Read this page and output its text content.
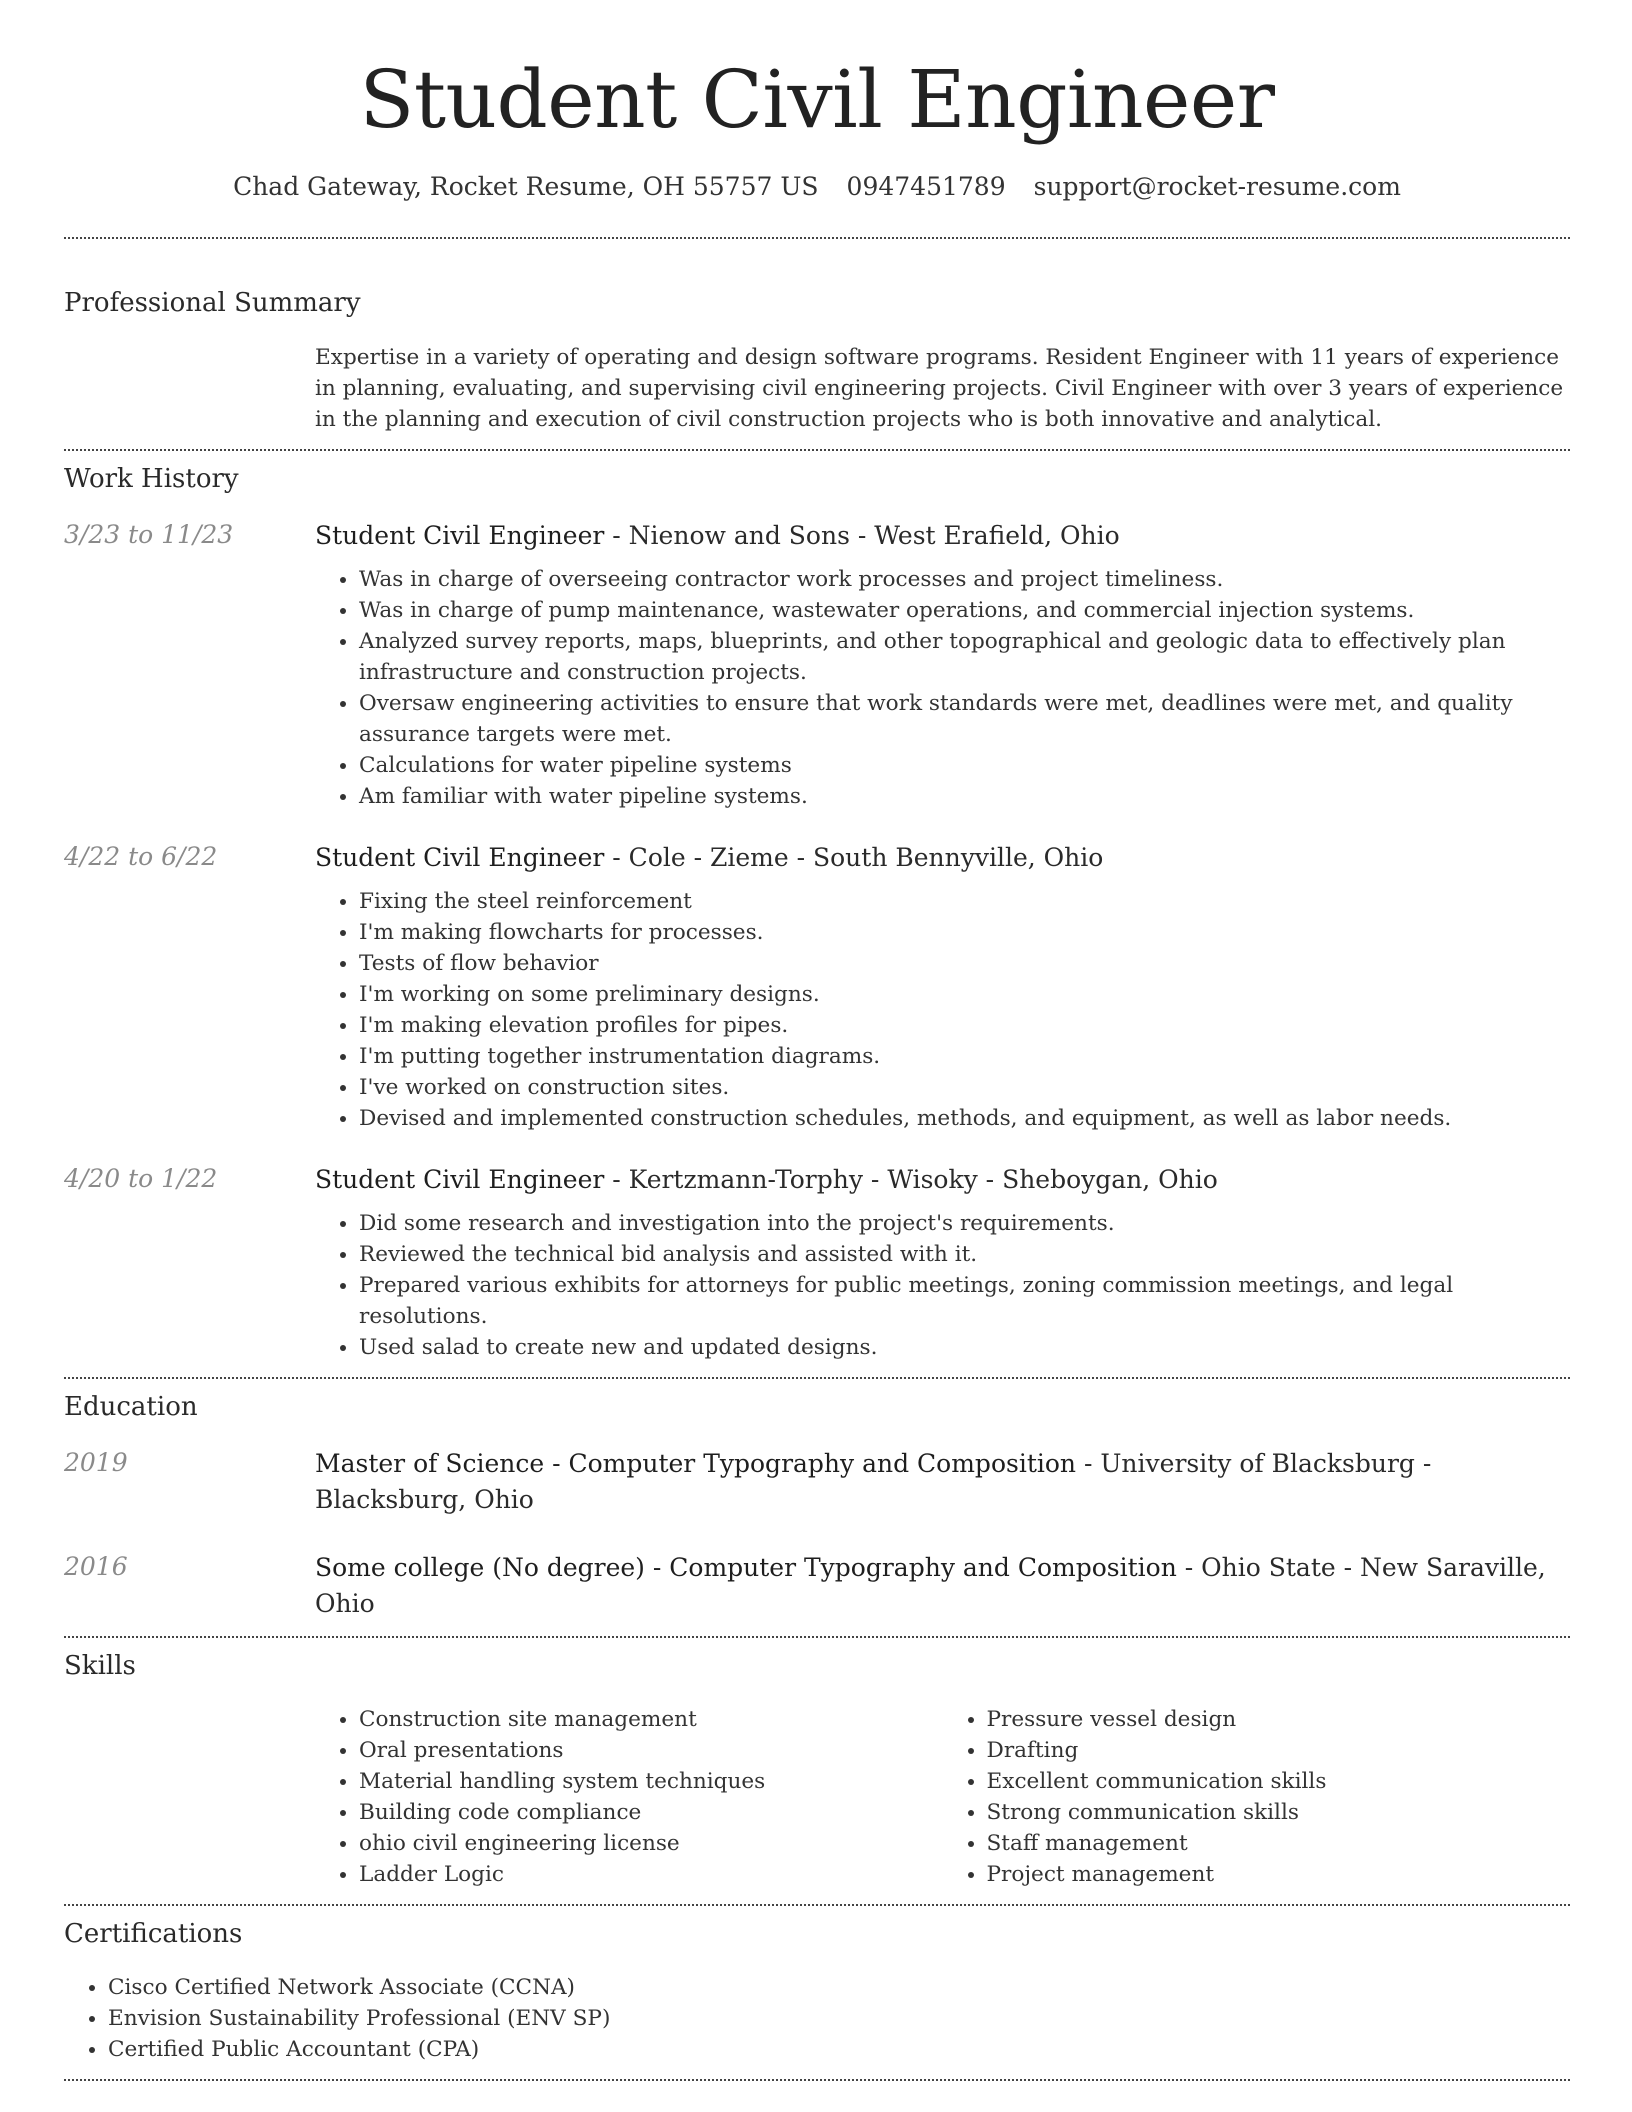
Student Civil Engineer
Chad Gateway, Rocket Resume, OH 55757 US 0947451789 support@rocket-resume.com
Professional Summary
Expertise in a variety of operating and design software programs. Resident Engineer with 11 years of experience in planning, evaluating, and supervising civil engineering projects. Civil Engineer with over 3 years of experience in the planning and execution of civil construction projects who is both innovative and analytical.
Work History
3/23 to 11/23	Student Civil Engineer - Nienow and Sons - West Erafield, Ohio
• Was in charge of overseeing contractor work processes and project timeliness.
• Was in charge of pump maintenance, wastewater operations, and commercial injection systems.
• Analyzed survey reports, maps, blueprints, and other topographical and geologic data to effectively plan infrastructure and construction projects.
• Oversaw engineering activities to ensure that work standards were met, deadlines were met, and quality assurance targets were met.
• Calculations for water pipeline systems
• Am familiar with water pipeline systems.
4/22 to 6/22	Student Civil Engineer - Cole - Zieme - South Bennyville, Ohio
• Fixing the steel reinforcement
• I'm making flowcharts for processes.
• Tests of flow behavior
• I'm working on some preliminary designs.
• I'm making elevation profiles for pipes.
• I'm putting together instrumentation diagrams.
• I've worked on construction sites.
• Devised and implemented construction schedules, methods, and equipment, as well as labor needs.
4/20 to 1/22	Student Civil Engineer - Kertzmann-Torphy - Wisoky - Sheboygan, Ohio
• Did some research and investigation into the project's requirements.
• Reviewed the technical bid analysis and assisted with it.
• Prepared various exhibits for attorneys for public meetings, zoning commission meetings, and legal resolutions.
• Used salad to create new and updated designs.
Education
2019	Master of Science - Computer Typography and Composition - University of Blacksburg - Blacksburg, Ohio
2016	Some college (No degree) - Computer Typography and Composition - Ohio State - New Saraville, Ohio
Skills
• Construction site management
• Oral presentations
• Material handling system techniques
• Building code compliance
• ohio civil engineering license
• Ladder Logic
• Pressure vessel design
• Drafting
• Excellent communication skills
• Strong communication skills
• Staff management
• Project management
Certifications
• Cisco Certified Network Associate (CCNA)
• Envision Sustainability Professional (ENV SP)
• Certified Public Accountant (CPA)
